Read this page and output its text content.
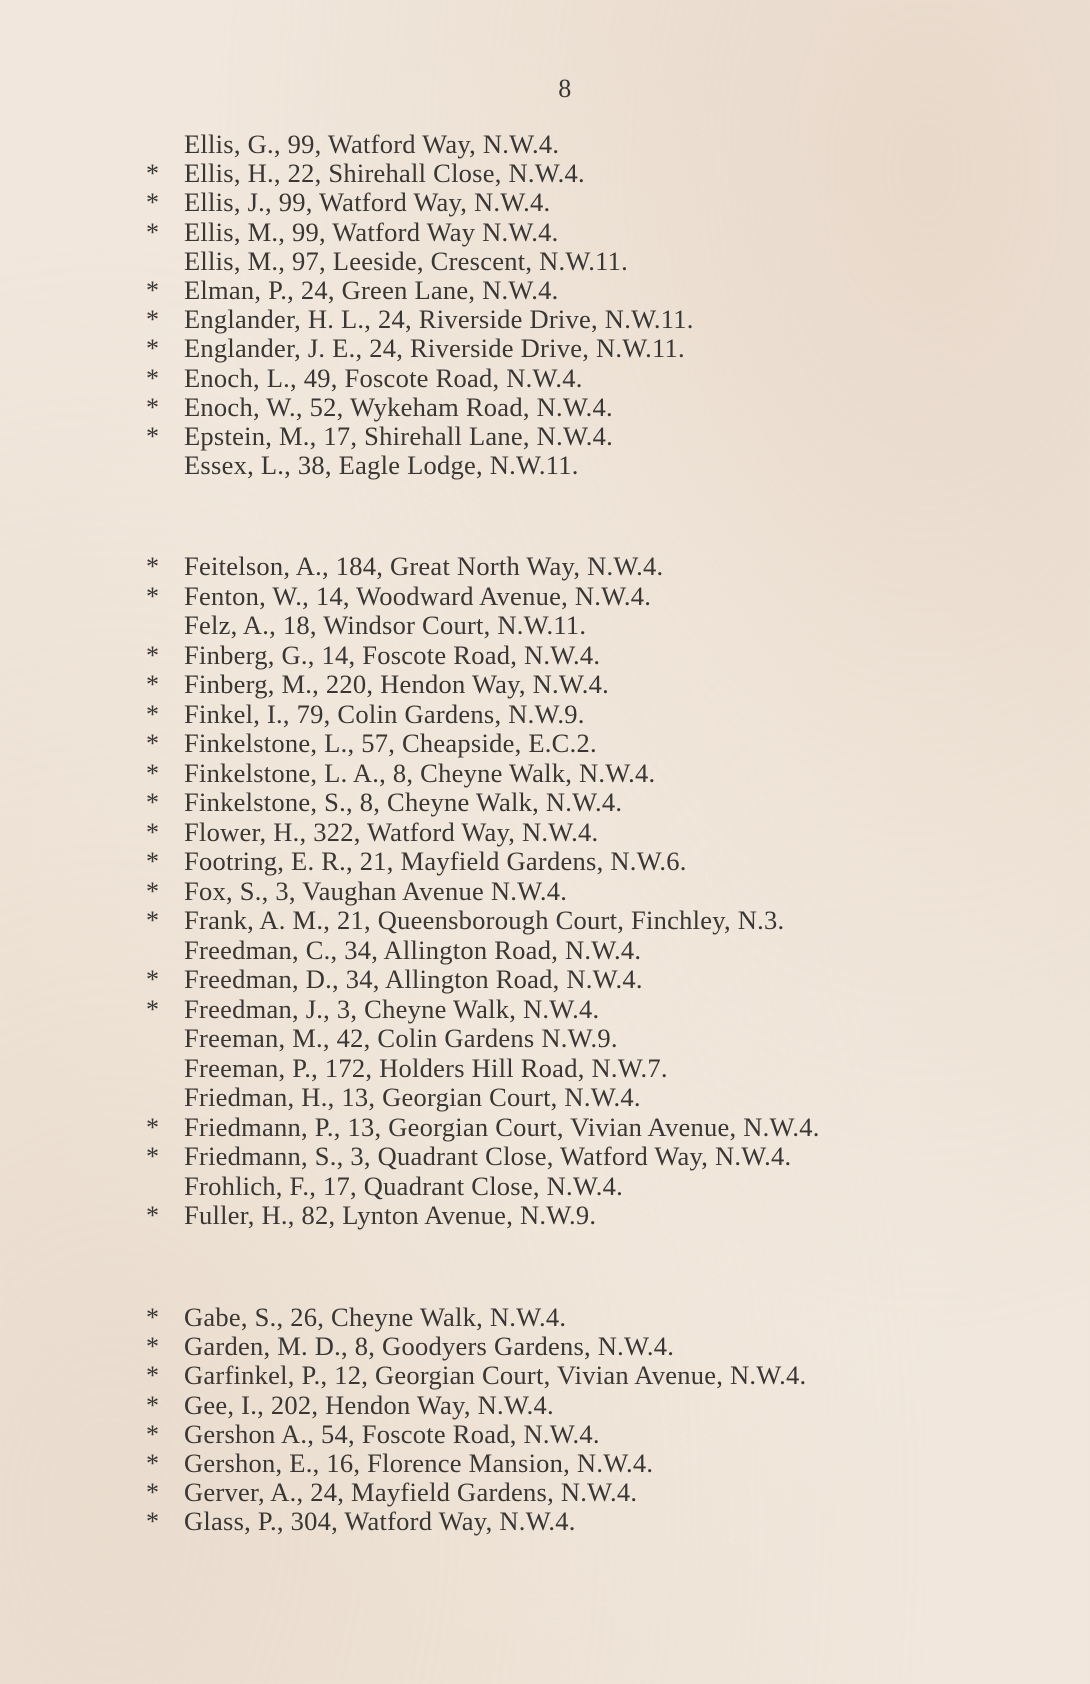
8
Ellis, G., 99, Watford Way, N.W.4.
* Ellis, H., 22, Shirehall Close, N.W.4.
* Ellis, J., 99, Watford Way, N.W.4.
* Ellis, M., 99, Watford Way N.W.4.
Ellis, M., 97, Leeside, Crescent, N.W.11.
* Elman, P., 24, Green Lane, N.W.4.
* Englander, H. L., 24, Riverside Drive, N.W.11.
* Englander, J. E., 24, Riverside Drive, N.W.11.
* Enoch, L., 49, Foscote Road, N.W.4.
* Enoch, W., 52, Wykeham Road, N.W.4.
* Epstein, M., 17, Shirehall Lane, N.W.4.
Essex, L., 38, Eagle Lodge, N.W.11.
* Feitelson, A., 184, Great North Way, N.W.4.
* Fenton, W., 14, Woodward Avenue, N.W.4.
Felz, A., 18, Windsor Court, N.W.11.
* Finberg, G., 14, Foscote Road, N.W.4.
* Finberg, M., 220, Hendon Way, N.W.4.
* Finkel, I., 79, Colin Gardens, N.W.9.
* Finkelstone, L., 57, Cheapside, E.C.2.
* Finkelstone, L. A., 8, Cheyne Walk, N.W.4.
* Finkelstone, S., 8, Cheyne Walk, N.W.4.
* Flower, H., 322, Watford Way, N.W.4.
* Footring, E. R., 21, Mayfield Gardens, N.W.6.
* Fox, S., 3, Vaughan Avenue N.W.4.
* Frank, A. M., 21, Queensborough Court, Finchley, N.3.
Freedman, C., 34, Allington Road, N.W.4.
* Freedman, D., 34, Allington Road, N.W.4.
* Freedman, J., 3, Cheyne Walk, N.W.4.
Freeman, M., 42, Colin Gardens N.W.9.
Freeman, P., 172, Holders Hill Road, N.W.7.
Friedman, H., 13, Georgian Court, N.W.4.
* Friedmann, P., 13, Georgian Court, Vivian Avenue, N.W.4.
* Friedmann, S., 3, Quadrant Close, Watford Way, N.W.4.
Frohlich, F., 17, Quadrant Close, N.W.4.
* Fuller, H., 82, Lynton Avenue, N.W.9.
* Gabe, S., 26, Cheyne Walk, N.W.4.
* Garden, M. D., 8, Goodyers Gardens, N.W.4.
* Garfinkel, P., 12, Georgian Court, Vivian Avenue, N.W.4.
* Gee, I., 202, Hendon Way, N.W.4.
* Gershon A., 54, Foscote Road, N.W.4.
* Gershon, E., 16, Florence Mansion, N.W.4.
* Gerver, A., 24, Mayfield Gardens, N.W.4.
* Glass, P., 304, Watford Way, N.W.4.
